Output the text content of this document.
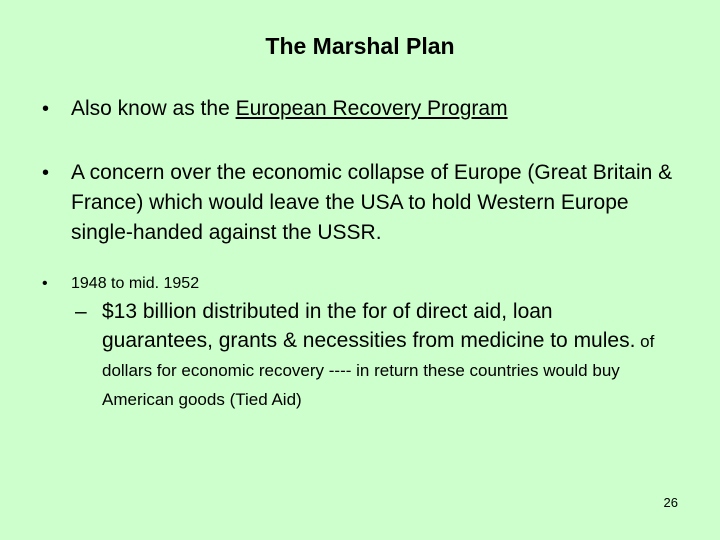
The Marshal Plan
•	Also know as the European Recovery Program
•	A concern over the economic collapse of Europe (Great Britain & France) which would leave the USA to hold Western Europe single-handed against the USSR.
•	1948 to mid. 1952
– $13 billion distributed in the for of direct aid, loan guarantees, grants & necessities from medicine to mules. of dollars for economic recovery ---- in return these countries would buy American goods (Tied Aid)
26
